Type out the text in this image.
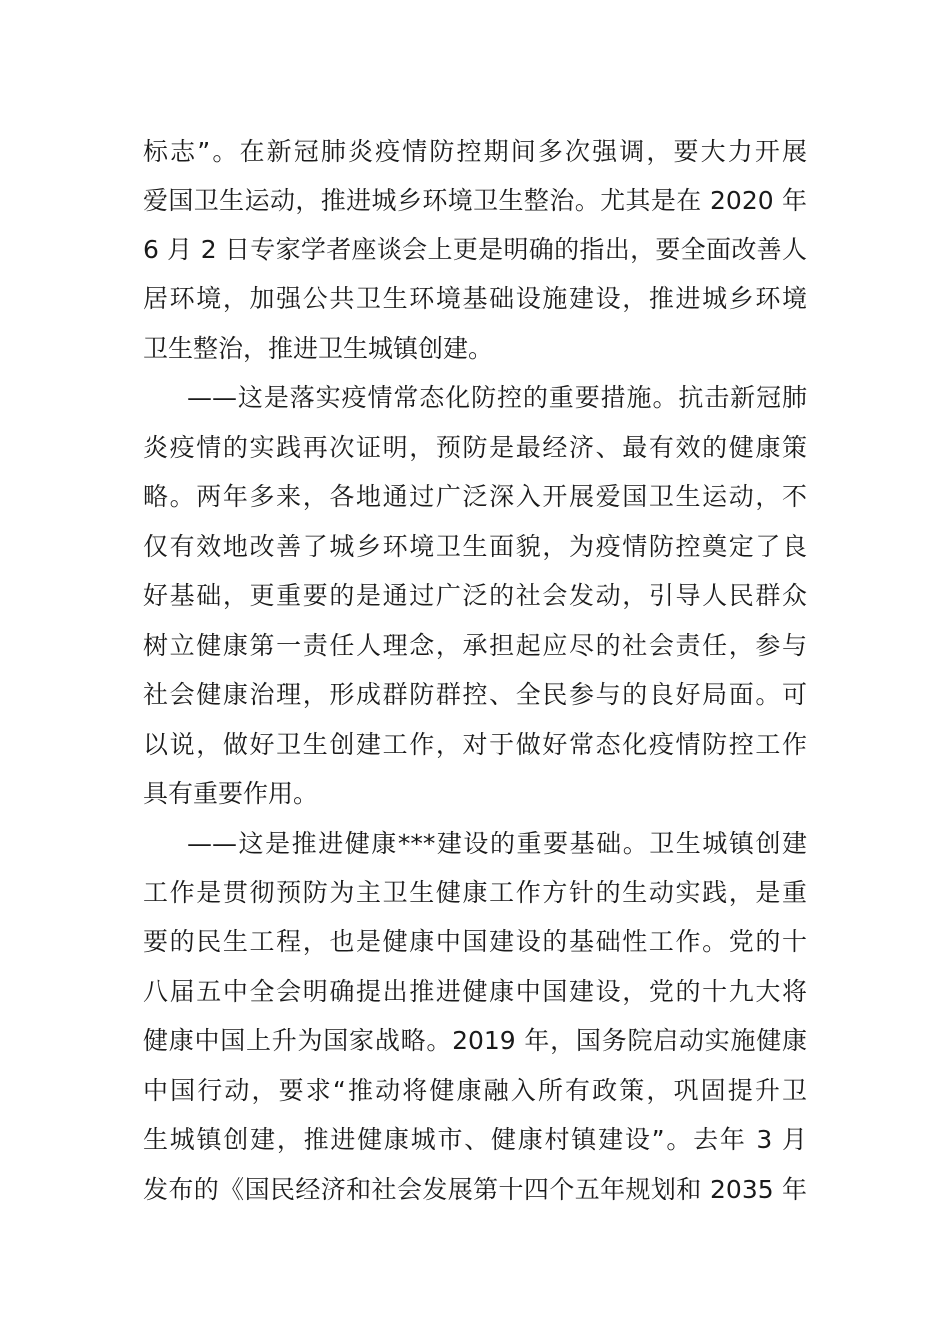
标志”。在新冠肺炎疫情防控期间多次强调，要大力开展
爱国卫生运动，推进城乡环境卫生整治。尤其是在 2020 年
6 月 2 日专家学者座谈会上更是明确的指出，要全面改善人
居环境，加强公共卫生环境基础设施建设，推进城乡环境
卫生整治，推进卫生城镇创建。
——这是落实疫情常态化防控的重要措施。抗击新冠肺
炎疫情的实践再次证明，预防是最经济、最有效的健康策
略。两年多来，各地通过广泛深入开展爱国卫生运动，不
仅有效地改善了城乡环境卫生面貌，为疫情防控奠定了良
好基础，更重要的是通过广泛的社会发动，引导人民群众
树立健康第一责任人理念，承担起应尽的社会责任，参与
社会健康治理，形成群防群控、全民参与的良好局面。可
以说，做好卫生创建工作，对于做好常态化疫情防控工作
具有重要作用。
——这是推进健康***建设的重要基础。卫生城镇创建
工作是贯彻预防为主卫生健康工作方针的生动实践，是重
要的民生工程，也是健康中国建设的基础性工作。党的十
八届五中全会明确提出推进健康中国建设，党的十九大将
健康中国上升为国家战略。2019 年，国务院启动实施健康
中国行动，要求“推动将健康融入所有政策，巩固提升卫
生城镇创建，推进健康城市、健康村镇建设”。去年 3 月
发布的《国民经济和社会发展第十四个五年规划和 2035 年
